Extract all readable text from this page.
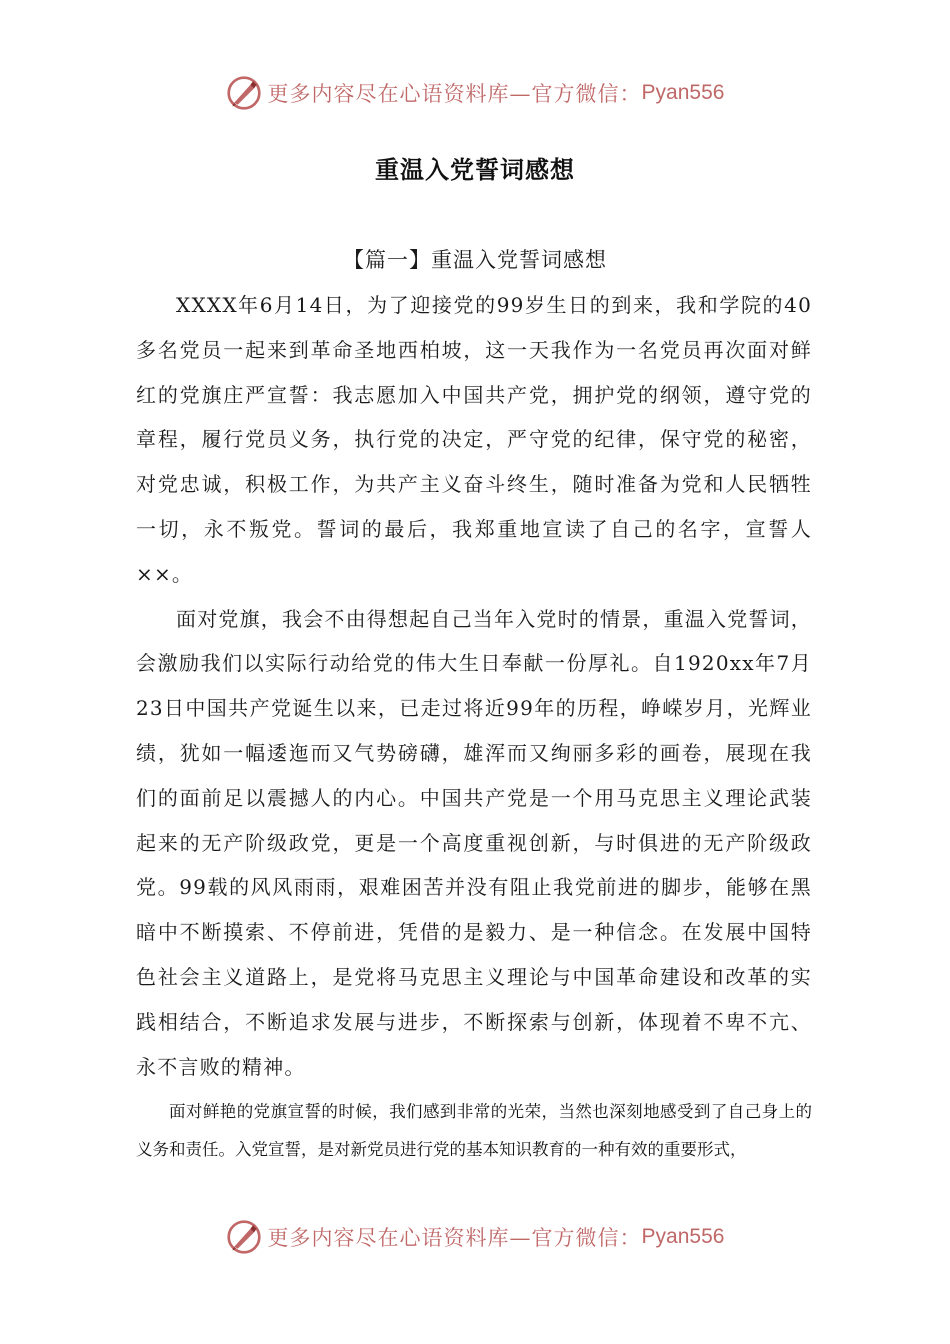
更多内容尽在心语资料库—官方微信： Pyan556
重温入党誓词感想
【篇一】重温入党誓词感想

XXXX年6月14日，为了迎接党的99岁生日的到来，我和学院的40多名党员一起来到革命圣地西柏坡，这一天我作为一名党员再次面对鲜红的党旗庄严宣誓：我志愿加入中国共产党，拥护党的纲领，遵守党的章程，履行党员义务，执行党的决定，严守党的纪律，保守党的秘密，对党忠诚，积极工作，为共产主义奋斗终生，随时准备为党和人民牺牲一切，永不叛党。誓词的最后，我郑重地宣读了自己的名字，宣誓人××。

面对党旗，我会不由得想起自己当年入党时的情景，重温入党誓词，会激励我们以实际行动给党的伟大生日奉献一份厚礼。自1920xx年7月23日中国共产党诞生以来，已走过将近99年的历程，峥嵘岁月，光辉业绩，犹如一幅逶迤而又气势磅礴，雄浑而又绚丽多彩的画卷，展现在我们的面前足以震撼人的内心。中国共产党是一个用马克思主义理论武装起来的无产阶级政党，更是一个高度重视创新，与时俱进的无产阶级政党。99载的风风雨雨，艰难困苦并没有阻止我党前进的脚步，能够在黑暗中不断摸索、不停前进，凭借的是毅力、是一种信念。在发展中国特色社会主义道路上，是党将马克思主义理论与中国革命建设和改革的实践相结合，不断追求发展与进步，不断探索与创新，体现着不卑不亢、永不言败的精神。

面对鲜艳的党旗宣誓的时候，我们感到非常的光荣，当然也深刻地感受到了自己身上的义务和责任。入党宣誓，是对新党员进行党的基本知识教育的一种有效的重要形式，

更多内容尽在心语资料库—官方微信： Pyan556
